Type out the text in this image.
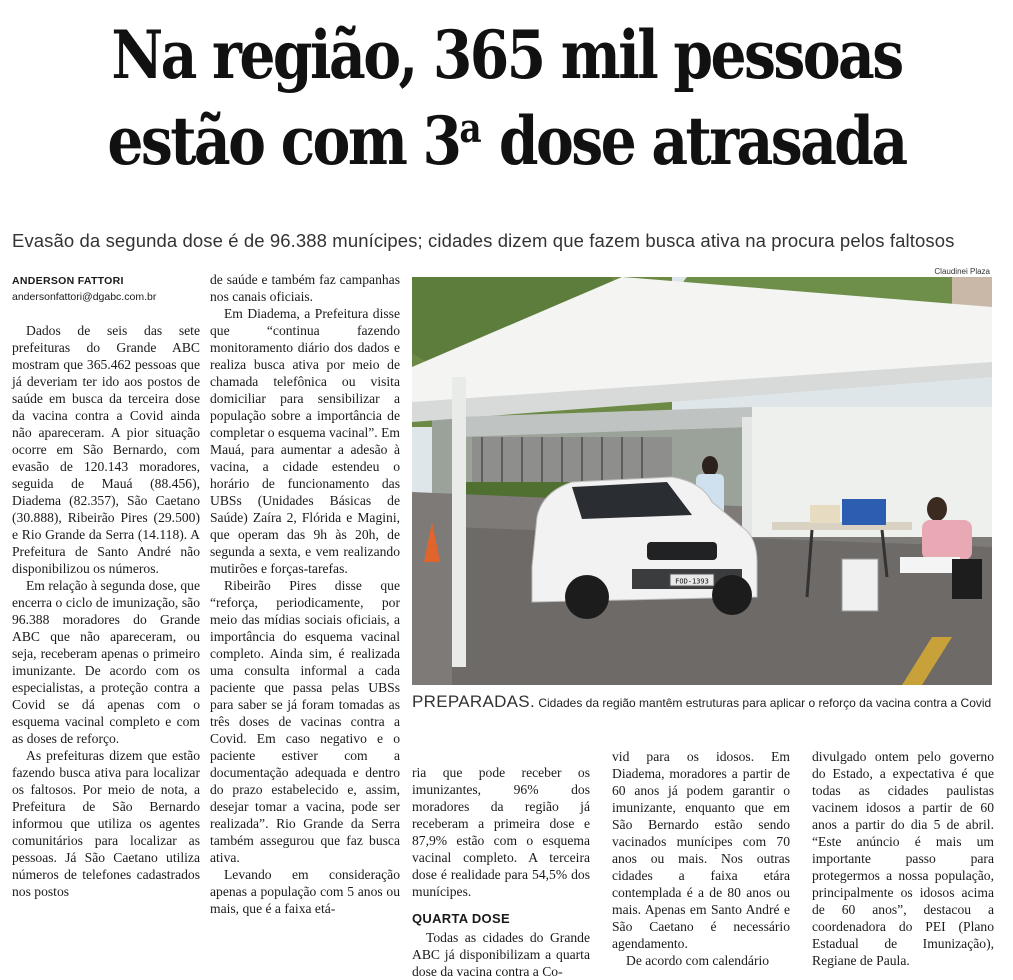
Na região, 365 mil pessoas
estão com 3$^a$ dose atrasada
Evasão da segunda dose é de 96.388 munícipes; cidades dizem que fazem busca ativa na procura pelos faltosos
ANDERSON FATTORI
andersonfattori@dgabc.com.br

Dados de seis das sete prefeituras do Grande ABC mostram que 365.462 pessoas que já deveriam ter ido aos postos de saúde em busca da terceira dose da vacina contra a Covid ainda não apareceram. A pior situação ocorre em São Bernardo, com evasão de 120.143 moradores, seguida de Mauá (88.456), Diadema (82.357), São Caetano (30.888), Ribeirão Pires (29.500) e Rio Grande da Serra (14.118). A Prefeitura de Santo André não disponibilizou os números.

Em relação à segunda dose, que encerra o ciclo de imunização, são 96.388 moradores do Grande ABC que não apareceram, ou seja, receberam apenas o primeiro imunizante. De acordo com os especialistas, a proteção contra a Covid se dá apenas com o esquema vacinal completo e com as doses de reforço.

As prefeituras dizem que estão fazendo busca ativa para localizar os faltosos. Por meio de nota, a Prefeitura de São Bernardo informou que utiliza os agentes comunitários para localizar as pessoas. Já São Caetano utiliza números de telefones cadastrados nos postos

de saúde e também faz campanhas nos canais oficiais.

Em Diadema, a Prefeitura disse que “continua fazendo monitoramento diário dos dados e realiza busca ativa por meio de chamada telefônica ou visita domiciliar para sensibilizar a população sobre a importância de completar o esquema vacinal”. Em Mauá, para aumentar a adesão à vacina, a cidade estendeu o horário de funcionamento das UBSs (Unidades Básicas de Saúde) Zaíra 2, Flórida e Magini, que operam das 9h às 20h, de segunda a sexta, e vem realizando mutirões e forças-tarefas.

Ribeirão Pires disse que “reforça, periodicamente, por meio das mídias sociais oficiais, a importância do esquema vacinal completo. Ainda sim, é realizada uma consulta informal a cada paciente que passa pelas UBSs para saber se já foram tomadas as três doses de vacinas contra a Covid. Em caso negativo e o paciente estiver com a documentação adequada e dentro do prazo estabelecido e, assim, desejar tomar a vacina, pode ser realizada”. Rio Grande da Serra também assegurou que faz busca ativa.

Levando em consideração apenas a população com 5 anos ou mais, que é a faixa etá-

Claudinei Plaza
FOD-1393
PREPARADAS. Cidades da região mantêm estruturas para aplicar o reforço da vacina contra a Covid

ria que pode receber os imunizantes, 96% dos moradores da região já receberam a primeira dose e 87,9% estão com o esquema vacinal completo. A terceira dose é realidade para 54,5% dos munícipes.

QUARTA DOSE

Todas as cidades do Grande ABC já disponibilizam a quarta dose da vacina contra a Co-

vid para os idosos. Em Diadema, moradores a partir de 60 anos já podem garantir o imunizante, enquanto que em São Bernardo estão sendo vacinados munícipes com 70 anos ou mais. Nos outras cidades a faixa etára contemplada é a de 80 anos ou mais. Apenas em Santo André e São Caetano é necessário agendamento.

De acordo com calendário

divulgado ontem pelo governo do Estado, a expectativa é que todas as cidades paulistas vacinem idosos a partir de 60 anos a partir do dia 5 de abril. “Este anúncio é mais um importante passo para protegermos a nossa população, principalmente os idosos acima de 60 anos”, destacou a coordenadora do PEI (Plano Estadual de Imunização), Regiane de Paula.
